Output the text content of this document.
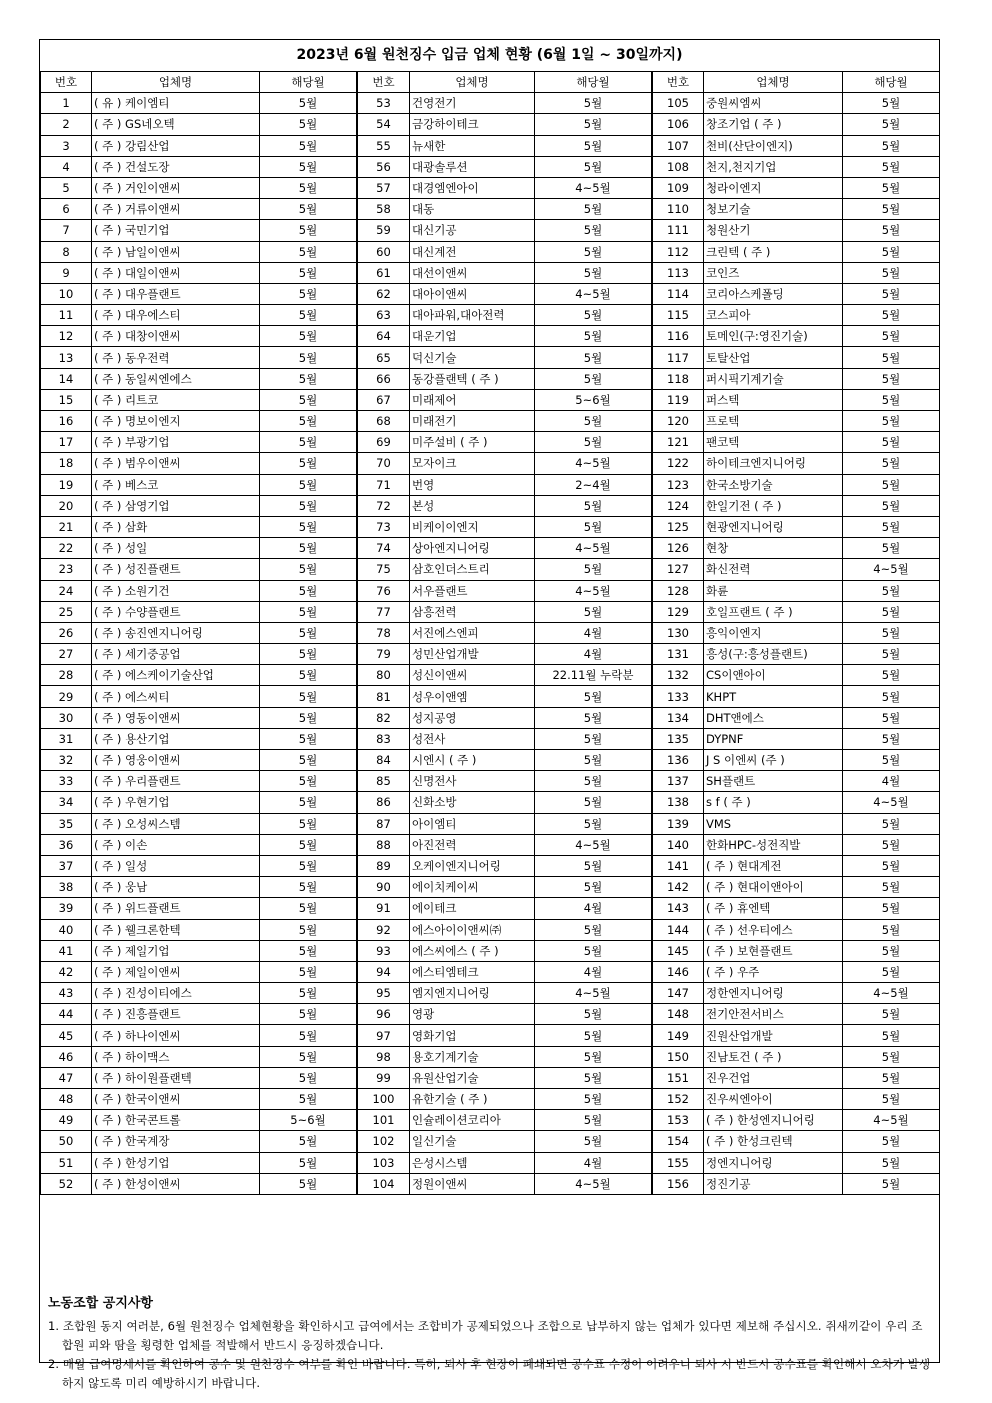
2023년 6월 원천징수 입금 업체 현황 (6월 1일 ~ 30일까지)
번호	업체명	해당월
1	( 유 ) 케이엠티	5월
2	( 주 ) GS네오텍	5월
3	( 주 ) 강림산업	5월
4	( 주 ) 건설도장	5월
5	( 주 ) 거인이앤씨	5월
6	( 주 ) 거류이앤씨	5월
7	( 주 ) 국민기업	5월
8	( 주 ) 남일이앤씨	5월
9	( 주 ) 대일이앤씨	5월
10	( 주 ) 대우플랜트	5월
11	( 주 ) 대우에스티	5월
12	( 주 ) 대창이앤씨	5월
13	( 주 ) 동우전력	5월
14	( 주 ) 동일씨엔에스	5월
15	( 주 ) 리트코	5월
16	( 주 ) 명보이엔지	5월
17	( 주 ) 부광기업	5월
18	( 주 ) 범우이앤씨	5월
19	( 주 ) 베스코	5월
20	( 주 ) 삼영기업	5월
21	( 주 ) 삼화	5월
22	( 주 ) 성일	5월
23	( 주 ) 성진플랜트	5월
24	( 주 ) 소원기건	5월
25	( 주 ) 수양플랜트	5월
26	( 주 ) 송진엔지니어링	5월
27	( 주 ) 세기중공업	5월
28	( 주 ) 에스케이기술산업	5월
29	( 주 ) 에스씨티	5월
30	( 주 ) 영동이앤씨	5월
31	( 주 ) 용산기업	5월
32	( 주 ) 영웅이앤씨	5월
33	( 주 ) 우리플랜트	5월
34	( 주 ) 우현기업	5월
35	( 주 ) 오성씨스템	5월
36	( 주 ) 이손	5월
37	( 주 ) 일성	5월
38	( 주 ) 웅남	5월
39	( 주 ) 위드플랜트	5월
40	( 주 ) 웰크론한텍	5월
41	( 주 ) 제일기업	5월
42	( 주 ) 제일이앤씨	5월
43	( 주 ) 진성이티에스	5월
44	( 주 ) 진흥플랜트	5월
45	( 주 ) 하나이엔씨	5월
46	( 주 ) 하이맥스	5월
47	( 주 ) 하이원플랜텍	5월
48	( 주 ) 한국이앤씨	5월
49	( 주 ) 한국콘트롤	5~6월
50	( 주 ) 한국계장	5월
51	( 주 ) 한성기업	5월
52	( 주 ) 한성이앤씨	5월
번호	업체명	해당월
53	건영전기	5월
54	금강하이테크	5월
55	뉴새한	5월
56	대광솔루션	5월
57	대경엠엔아이	4~5월
58	대동	5월
59	대신기공	5월
60	대신계전	5월
61	대선이앤씨	5월
62	대아이앤씨	4~5월
63	대아파워,대아전력	5월
64	대운기업	5월
65	덕신기술	5월
66	동강플랜텍 ( 주 )	5월
67	미래제어	5~6월
68	미래전기	5월
69	미주설비 ( 주 )	5월
70	모자이크	4~5월
71	번영	2~4월
72	본성	5월
73	비케이이엔지	5월
74	상아엔지니어링	4~5월
75	삼호인더스트리	5월
76	서우플랜트	4~5월
77	삼흥전력	5월
78	서진에스엔피	4월
79	성민산업개발	4월
80	성신이앤씨	22.11월 누락분
81	성우이앤엠	5월
82	성지공영	5월
83	성전사	5월
84	시엔시 ( 주 )	5월
85	신명전사	5월
86	신화소방	5월
87	아이엠티	5월
88	아진전력	4~5월
89	오케이엔지니어링	5월
90	에이치케이씨	5월
91	에이테크	4월
92	에스아이이앤씨㈜	5월
93	에스씨에스 ( 주 )	5월
94	에스티엠테크	4월
95	엠지엔지니어링	4~5월
96	영광	5월
97	영화기업	5월
98	용호기계기술	5월
99	유원산업기술	5월
100	유한기술 ( 주 )	5월
101	인슐레이션코리아	5월
102	일신기술	5월
103	은성시스템	4월
104	정원이앤씨	4~5월
번호	업체명	해당월
105	중원씨엠씨	5월
106	창조기업 ( 주 )	5월
107	천비(산단이엔지)	5월
108	천지,천지기업	5월
109	청라이엔지	5월
110	청보기술	5월
111	청원산기	5월
112	크린텍 ( 주 )	5월
113	코인즈	5월
114	코리아스케폴딩	5월
115	코스피아	5월
116	토메인(구:영진기술)	5월
117	토탈산업	5월
118	퍼시픽기계기술	5월
119	퍼스텍	5월
120	프로텍	5월
121	팬코텍	5월
122	하이테크엔지니어링	5월
123	한국소방기술	5월
124	한일기전 ( 주 )	5월
125	현광엔지니어링	5월
126	현창	5월
127	화신전력	4~5월
128	화륜	5월
129	호일프랜트 ( 주 )	5월
130	흥익이엔지	5월
131	흥성(구:흥성플랜트)	5월
132	CS이앤아이	5월
133	KHPT	5월
134	DHT앤에스	5월
135	DYPNF	5월
136	J S 이엔씨 (주 )	5월
137	SH플랜트	4월
138	s f ( 주 )	4~5월
139	VMS	5월
140	한화HPC-성전직발	5월
141	( 주 ) 현대계전	5월
142	( 주 ) 현대이앤아이	5월
143	( 주 ) 휴엔텍	5월
144	( 주 ) 선우티에스	5월
145	( 주 ) 보현플랜트	5월
146	( 주 ) 우주	5월
147	정한엔지니어링	4~5월
148	전기안전서비스	5월
149	진원산업개발	5월
150	진남토건 ( 주 )	5월
151	진우건업	5월
152	진우씨엔아이	5월
153	( 주 ) 한성엔지니어링	4~5월
154	( 주 ) 한성크린텍	5월
155	정엔지니어링	5월
156	정진기공	5월
노동조합 공지사항
1. 조합원 동지 여러분, 6월 원천징수 업체현황을 확인하시고 급여에서는 조합비가 공제되었으나 조합으로 납부하지 않는 업체가 있다면 제보해 주십시오. 쥐새끼같이 우리 조합원 피와 땀을 횡령한 업체를 적발해서 반드시 응징하겠습니다.
2. 매월 급여명세서를 확인하여 공수 및 원천징수 여부를 확인 바랍니다. 특히, 퇴사 후 현장이 폐쇄되면 공수표 수정이 어려우니 퇴사 시 반드시 공수표를 확인해서 오차가 발생하지 않도록 미리 예방하시기 바랍니다.
